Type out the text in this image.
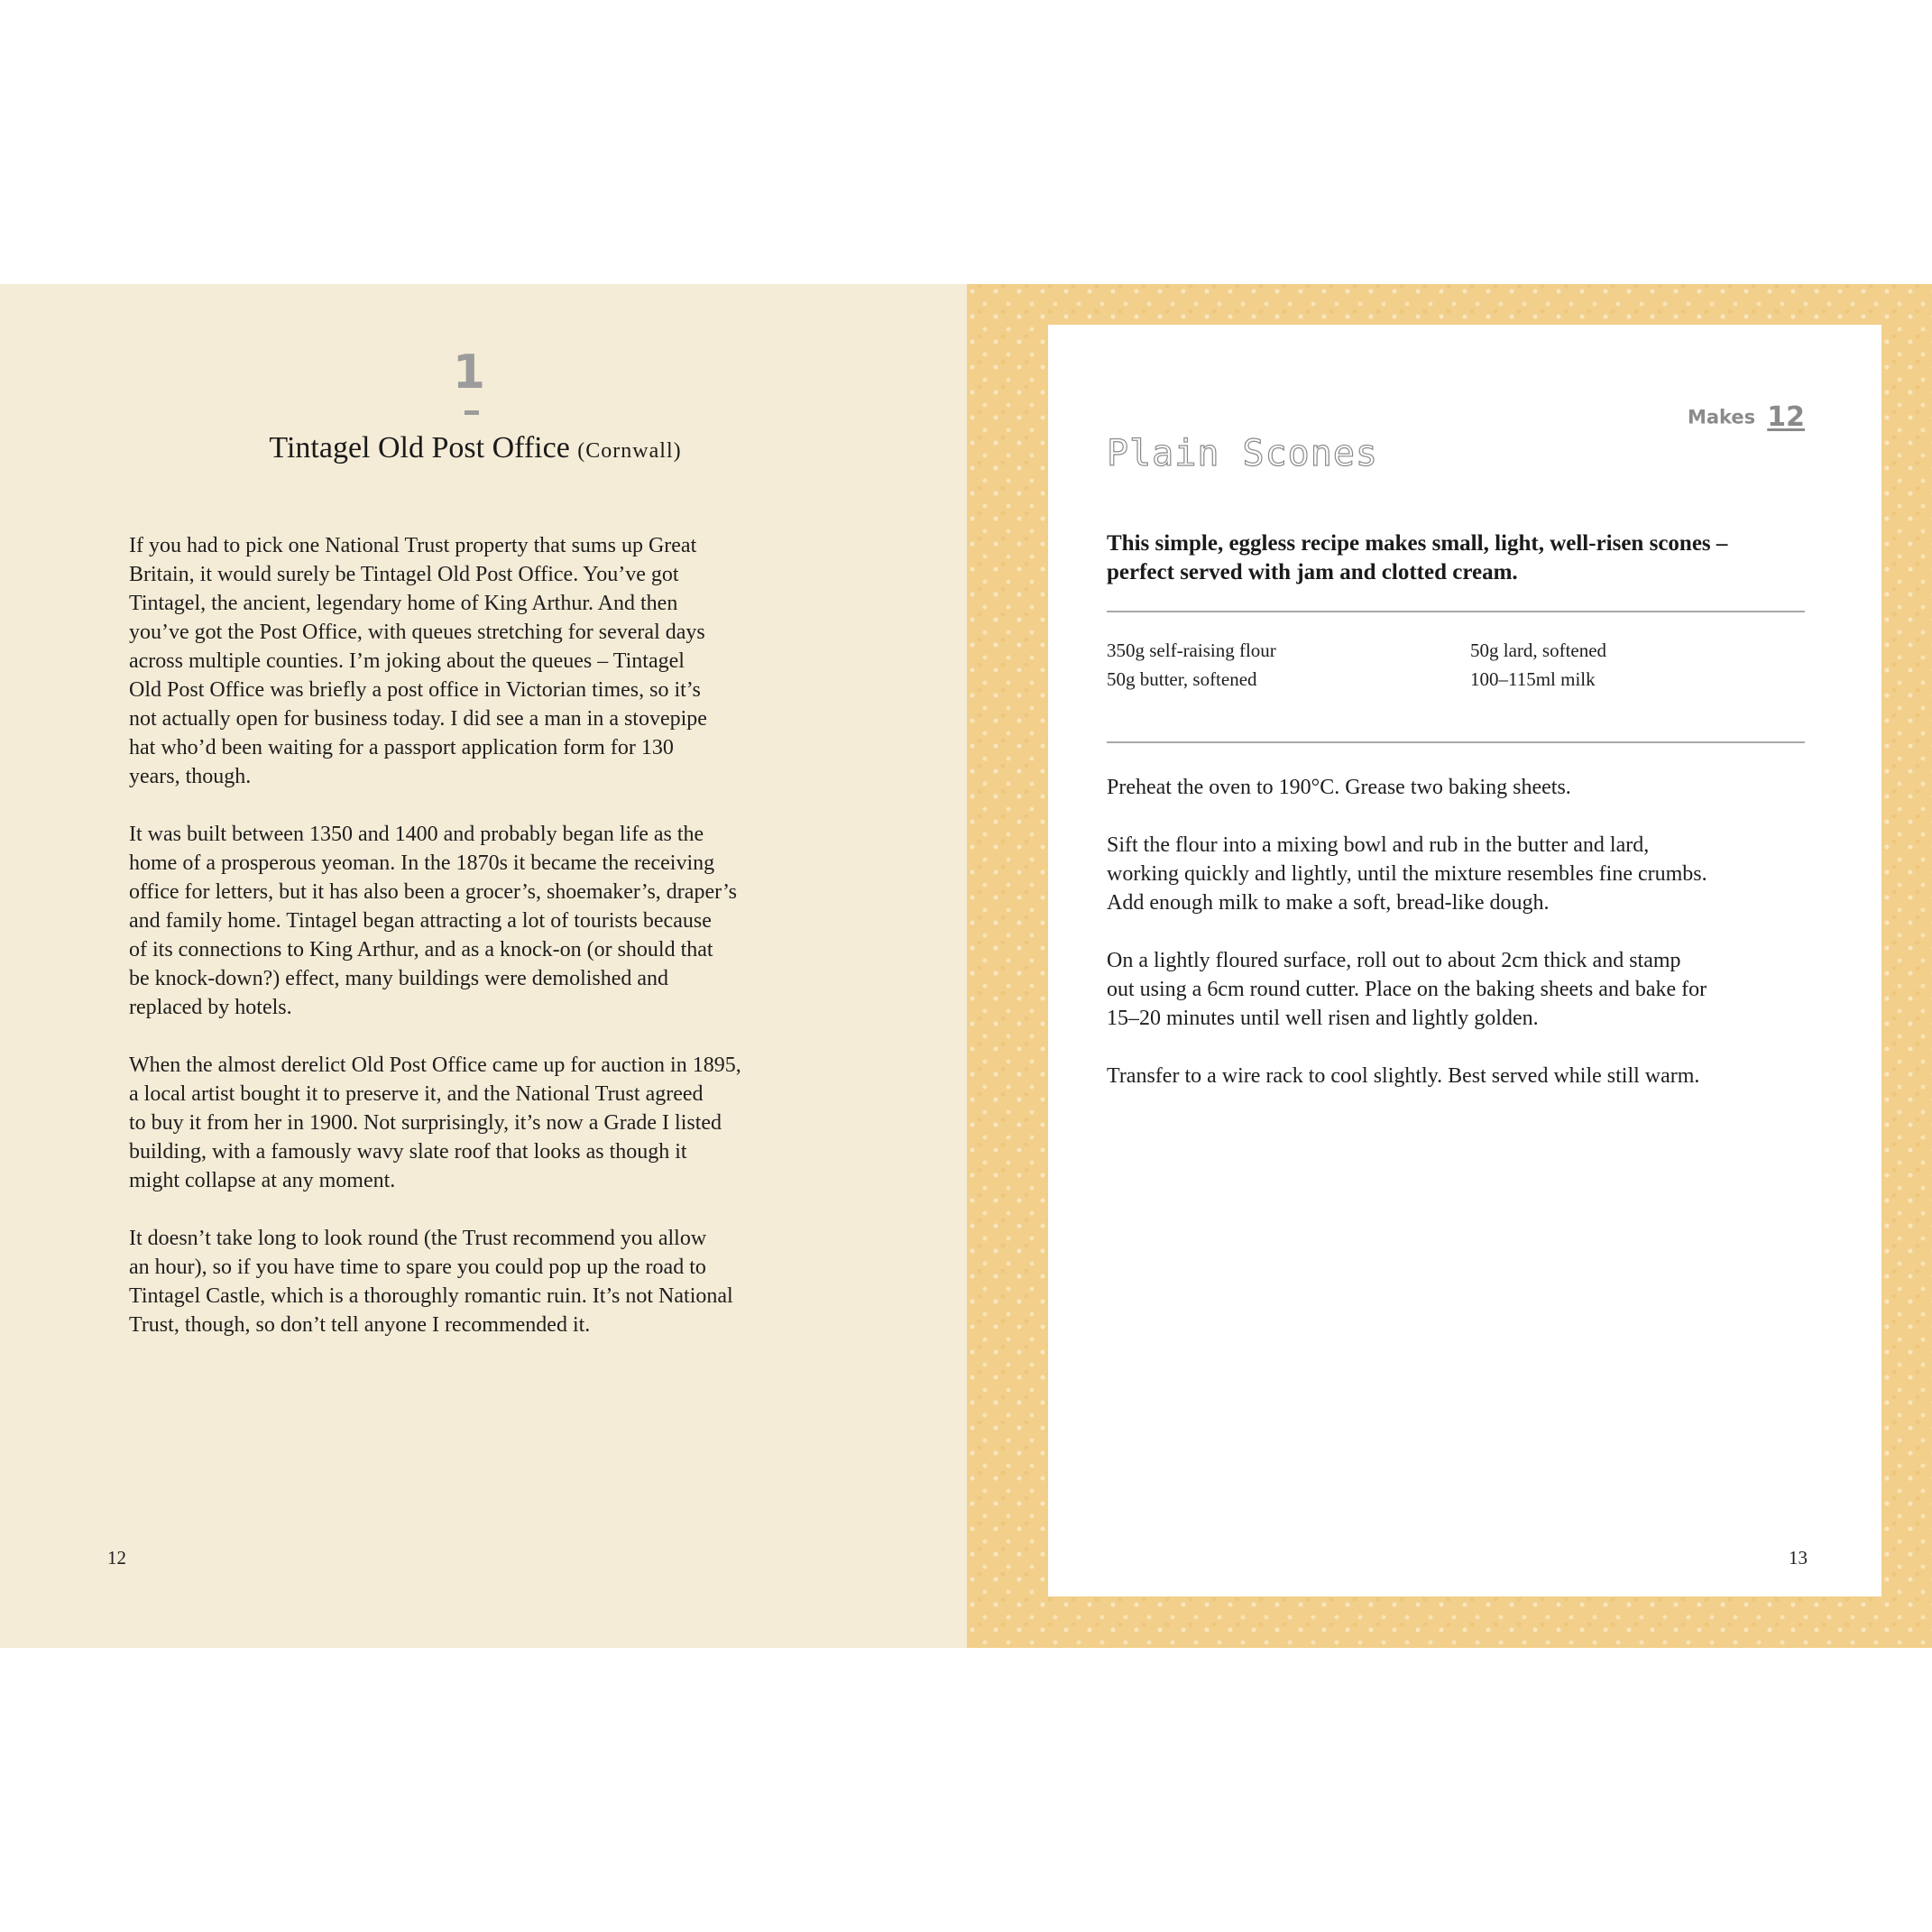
1
Tintagel Old Post Office (Cornwall)

If you had to pick one National Trust property that sums up Great
Britain, it would surely be Tintagel Old Post Office. You’ve got
Tintagel, the ancient, legendary home of King Arthur. And then
you’ve got the Post Office, with queues stretching for several days
across multiple counties. I’m joking about the queues – Tintagel
Old Post Office was briefly a post office in Victorian times, so it’s
not actually open for business today. I did see a man in a stovepipe
hat who’d been waiting for a passport application form for 130
years, though.

It was built between 1350 and 1400 and probably began life as the
home of a prosperous yeoman. In the 1870s it became the receiving
office for letters, but it has also been a grocer’s, shoemaker’s, draper’s
and family home. Tintagel began attracting a lot of tourists because
of its connections to King Arthur, and as a knock-on (or should that
be knock-down?) effect, many buildings were demolished and
replaced by hotels.

When the almost derelict Old Post Office came up for auction in 1895,
a local artist bought it to preserve it, and the National Trust agreed
to buy it from her in 1900. Not surprisingly, it’s now a Grade I listed
building, with a famously wavy slate roof that looks as though it
might collapse at any moment.

It doesn’t take long to look round (the Trust recommend you allow
an hour), so if you have time to spare you could pop up the road to
Tintagel Castle, which is a thoroughly romantic ruin. It’s not National
Trust, though, so don’t tell anyone I recommended it.

12
Makes 12
Plain Scones

This simple, eggless recipe makes small, light, well-risen scones –
perfect served with jam and clotted cream.

350g self-raising flour	50g lard, softened
50g butter, softened	100–115ml milk

Preheat the oven to 190°C. Grease two baking sheets.

Sift the flour into a mixing bowl and rub in the butter and lard,
working quickly and lightly, until the mixture resembles fine crumbs.
Add enough milk to make a soft, bread-like dough.

On a lightly floured surface, roll out to about 2cm thick and stamp
out using a 6cm round cutter. Place on the baking sheets and bake for
15–20 minutes until well risen and lightly golden.

Transfer to a wire rack to cool slightly. Best served while still warm.

13
